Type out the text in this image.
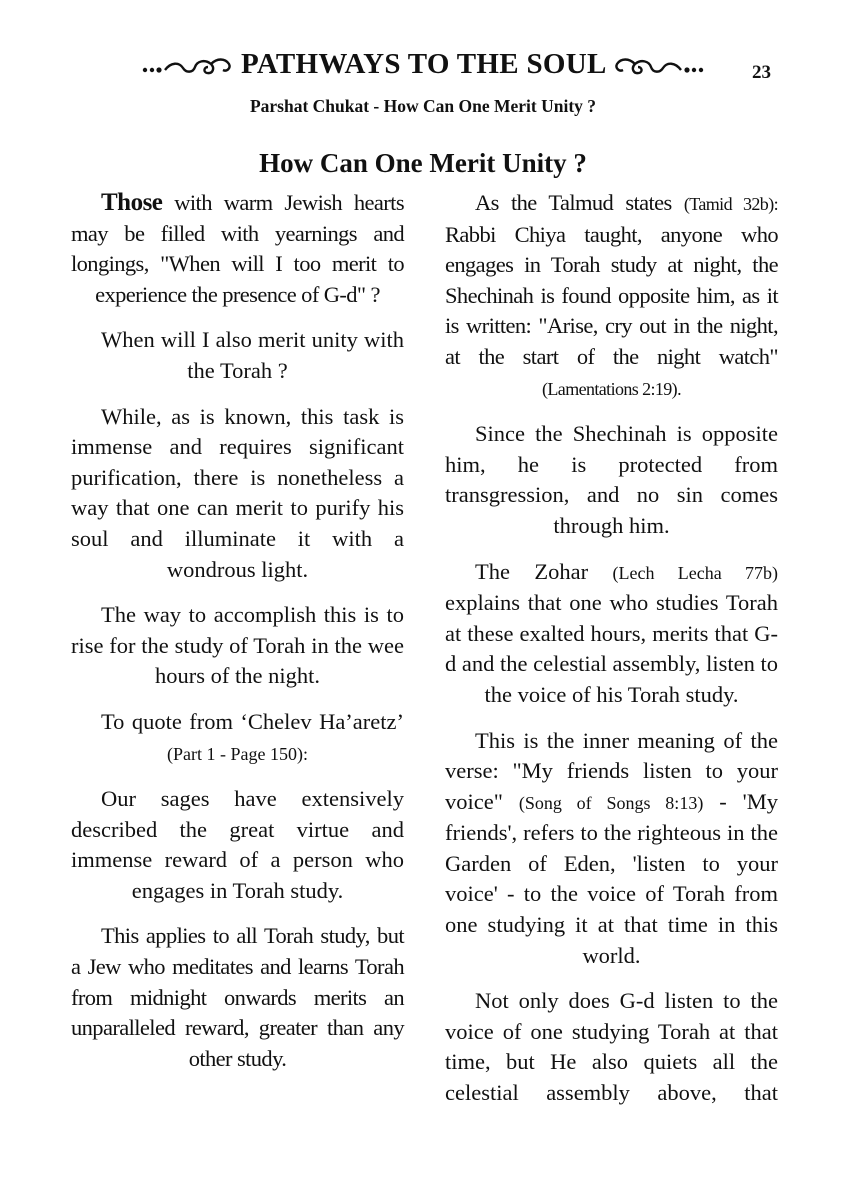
PATHWAYS TO THE SOUL	23
Parshat Chukat - How Can One Merit Unity ?
How Can One Merit Unity ?

Those with warm Jewish hearts may be filled with yearnings and longings, "When will I too merit to experience the presence of G-d" ?

When will I also merit unity with the Torah ?

While, as is known, this task is immense and requires significant purification, there is nonetheless a way that one can merit to purify his soul and illuminate it with a wondrous light.

The way to accomplish this is to rise for the study of Torah in the wee hours of the night.

To quote from ‘Chelev Ha’aretz’ (Part 1 - Page 150):

Our sages have extensively described the great virtue and immense reward of a person who engages in Torah study.

This applies to all Torah study, but a Jew who meditates and learns Torah from midnight onwards merits an unparalleled reward, greater than any other study.

As the Talmud states (Tamid 32b): Rabbi Chiya taught, anyone who engages in Torah study at night, the Shechinah is found opposite him, as it is written: "Arise, cry out in the night, at the start of the night watch" (Lamentations 2:19).

Since the Shechinah is opposite him, he is protected from transgression, and no sin comes through him.

The Zohar (Lech Lecha 77b) explains that one who studies Torah at these exalted hours, merits that G-d and the celestial assembly, listen to the voice of his Torah study.

This is the inner meaning of the verse: "My friends listen to your voice" (Song of Songs 8:13) - 'My friends', refers to the righteous in the Garden of Eden, 'listen to your voice' - to the voice of Torah from one studying it at that time in this world.

Not only does G-d listen to the voice of one studying Torah at that time, but He also quiets all the celestial assembly above, that
